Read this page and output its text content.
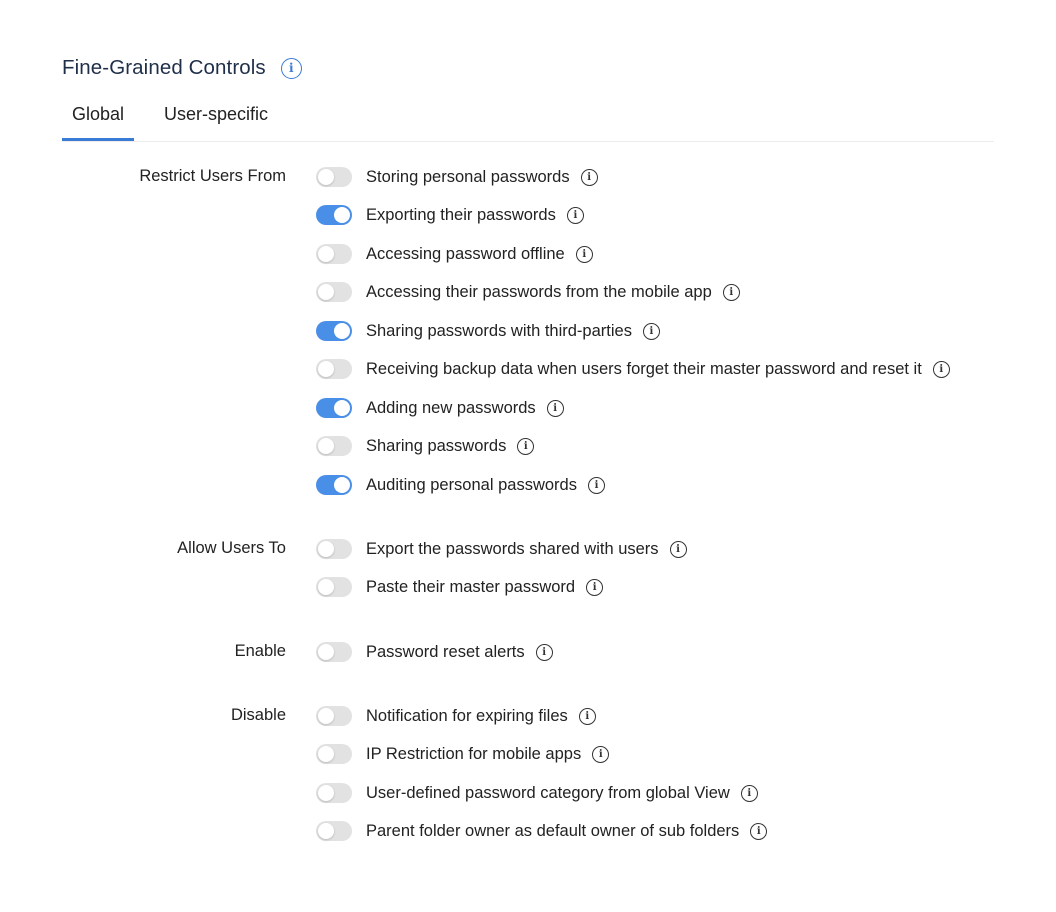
Fine-Grained Controls	i
Global	User-specific
Restrict Users From	Storing personal passwords	i
Exporting their passwords	i
Accessing password offline	i
Accessing their passwords from the mobile app	i
Sharing passwords with third-parties	i
Receiving backup data when users forget their master password and reset it	i
Adding new passwords	i
Sharing passwords	i
Auditing personal passwords	i
Allow Users To	Export the passwords shared with users	i
Paste their master password	i
Enable	Password reset alerts	i
Disable	Notification for expiring files	i
IP Restriction for mobile apps	i
User-defined password category from global View	i
Parent folder owner as default owner of sub folders	i
